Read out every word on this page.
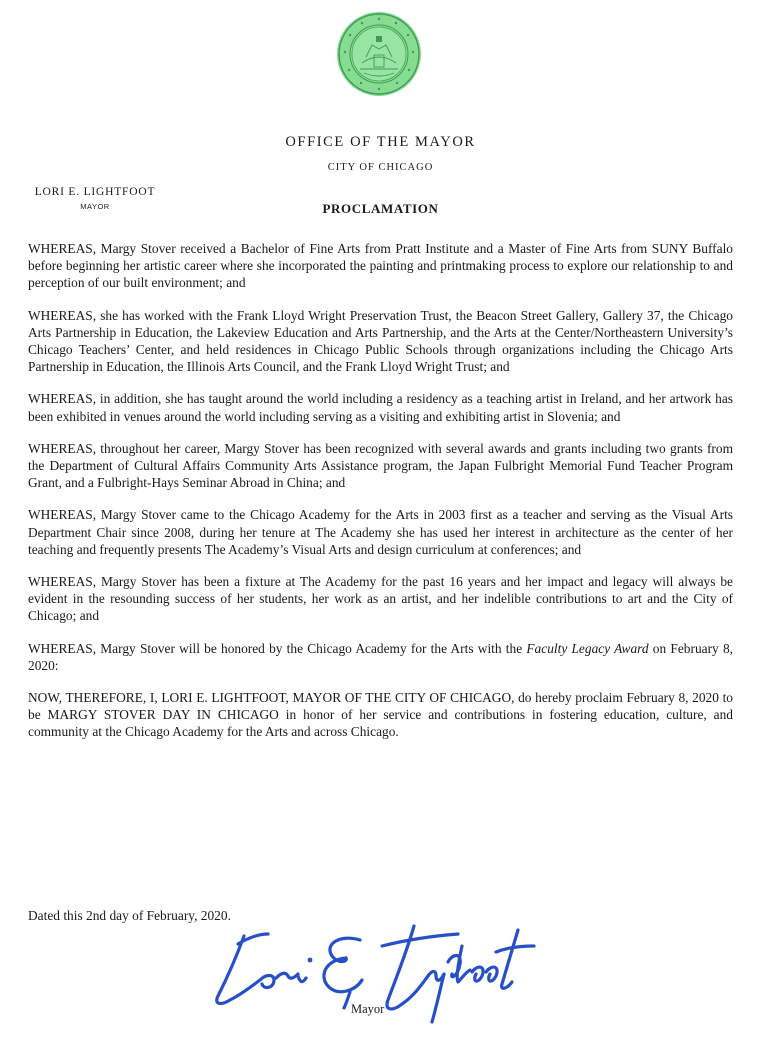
OFFICE OF THE MAYOR
CITY OF CHICAGO
LORI E. LIGHTFOOT
MAYOR	PROCLAMATION

WHEREAS, Margy Stover received a Bachelor of Fine Arts from Pratt Institute and a Master of Fine Arts from SUNY Buffalo before beginning her artistic career where she incorporated the painting and printmaking process to explore our relationship to and perception of our built environment; and

WHEREAS, she has worked with the Frank Lloyd Wright Preservation Trust, the Beacon Street Gallery, Gallery 37, the Chicago Arts Partnership in Education, the Lakeview Education and Arts Partnership, and the Arts at the Center/Northeastern University’s Chicago Teachers’ Center, and held residences in Chicago Public Schools through organizations including the Chicago Arts Partnership in Education, the Illinois Arts Council, and the Frank Lloyd Wright Trust; and

WHEREAS, in addition, she has taught around the world including a residency as a teaching artist in Ireland, and her artwork has been exhibited in venues around the world including serving as a visiting and exhibiting artist in Slovenia; and

WHEREAS, throughout her career, Margy Stover has been recognized with several awards and grants including two grants from the Department of Cultural Affairs Community Arts Assistance program, the Japan Fulbright Memorial Fund Teacher Program Grant, and a Fulbright-Hays Seminar Abroad in China; and

WHEREAS, Margy Stover came to the Chicago Academy for the Arts in 2003 first as a teacher and serving as the Visual Arts Department Chair since 2008, during her tenure at The Academy she has used her interest in architecture as the center of her teaching and frequently presents The Academy’s Visual Arts and design curriculum at conferences; and

WHEREAS, Margy Stover has been a fixture at The Academy for the past 16 years and her impact and legacy will always be evident in the resounding success of her students, her work as an artist, and her indelible contributions to art and the City of Chicago; and

WHEREAS, Margy Stover will be honored by the Chicago Academy for the Arts with the Faculty Legacy Award on February 8, 2020:

NOW, THEREFORE, I, LORI E. LIGHTFOOT, MAYOR OF THE CITY OF CHICAGO, do hereby proclaim February 8, 2020 to be MARGY STOVER DAY IN CHICAGO in honor of her service and contributions in fostering education, culture, and community at the Chicago Academy for the Arts and across Chicago.

Dated this 2nd day of February, 2020.
Mayor
